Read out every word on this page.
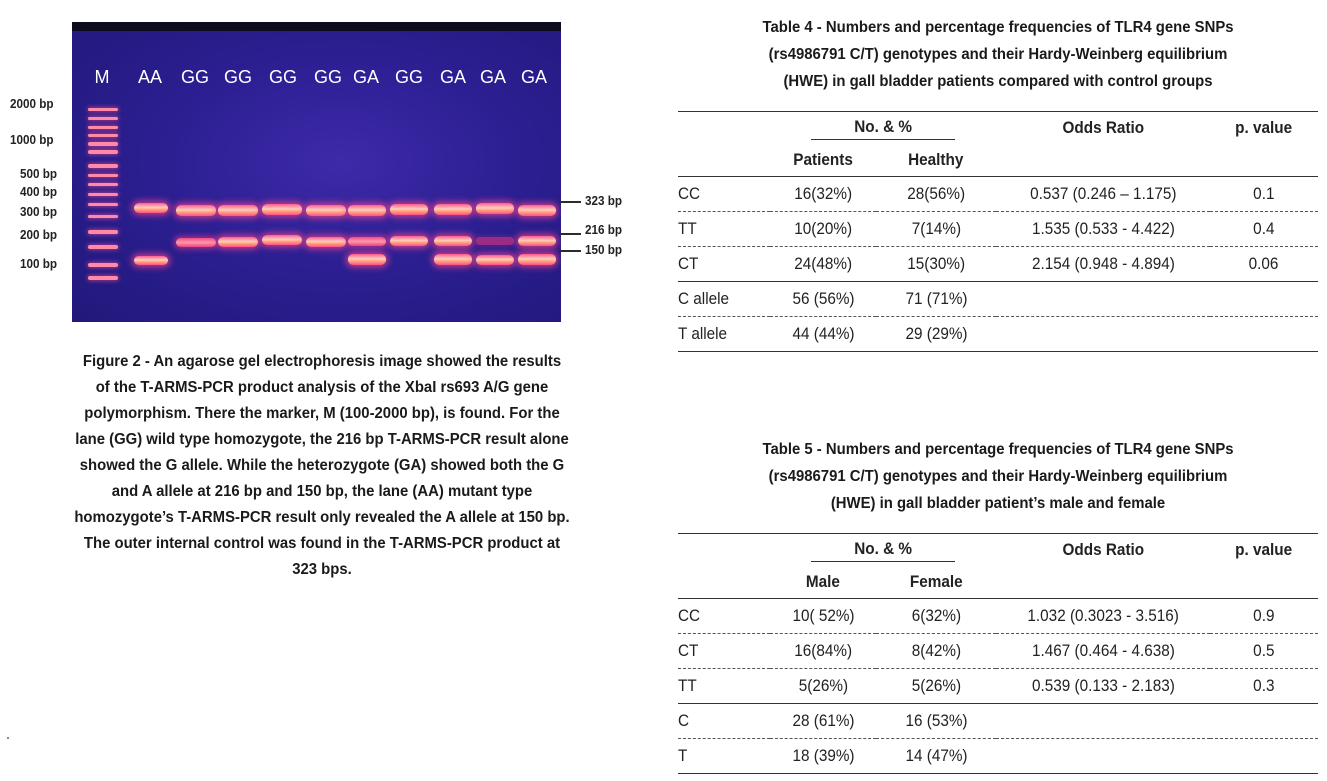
2000 bp
1000 bp
500 bp
400 bp
300 bp
200 bp
100 bp
M	AA	GG GG GG GG GA GG GA GA GA
323 bp
216 bp
150 bp
Figure 2 - An agarose gel electrophoresis image showed the results
of the T-ARMS-PCR product analysis of the XbaI rs693 A/G gene
polymorphism. There the marker, M (100-2000 bp), is found. For the
lane (GG) wild type homozygote, the 216 bp T-ARMS-PCR result alone
showed the G allele. While the heterozygote (GA) showed both the G
and A allele at 216 bp and 150 bp, the lane (AA) mutant type
homozygote’s T-ARMS-PCR result only revealed the A allele at 150 bp.
The outer internal control was found in the T-ARMS-PCR product at
323 bps.
Table 4 - Numbers and percentage frequencies of TLR4 gene SNPs
(rs4986791 C/T) genotypes and their Hardy-Weinberg equilibrium
(HWE) in gall bladder patients compared with control groups
	No. & %		Odds Ratio	p. value
	Patients	Healthy		
CC	16(32%)	28(56%)	0.537 (0.246 – 1.175)	0.1
TT	10(20%)	7(14%)	1.535 (0.533 - 4.422)	0.4
CT	24(48%)	15(30%)	2.154 (0.948 - 4.894)	0.06
C allele	56 (56%)	71 (71%)		
T allele	44 (44%)	29 (29%)		
Table 5 - Numbers and percentage frequencies of TLR4 gene SNPs
(rs4986791 C/T) genotypes and their Hardy-Weinberg equilibrium
(HWE) in gall bladder patient’s male and female
	No. & %		Odds Ratio	p. value
	Male	Female		
CC	10( 52%)	6(32%)	1.032 (0.3023 - 3.516)	0.9
CT	16(84%)	8(42%)	1.467 (0.464 - 4.638)	0.5
TT	5(26%)	5(26%)	0.539 (0.133 - 2.183)	0.3
C	28 (61%)	16 (53%)		
T	18 (39%)	14 (47%)		
